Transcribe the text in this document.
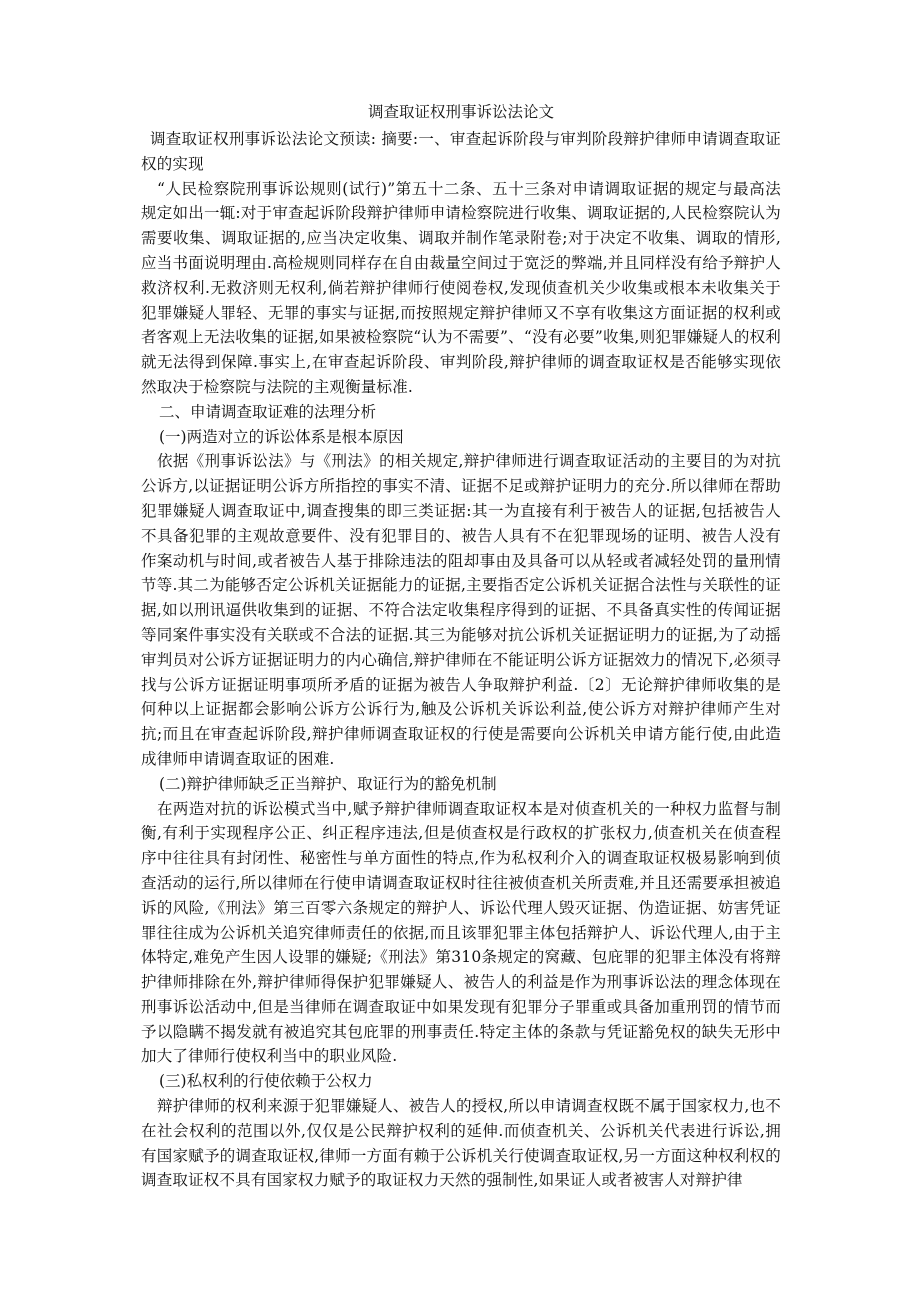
调查取证权刑事诉讼法论文

调查取证权刑事诉讼法论文预读: 摘要:一、审查起诉阶段与审判阶段辩护律师申请调查取证权的实现

“人民检察院刑事诉讼规则(试行)”第五十二条、五十三条对申请调取证据的规定与最高法规定如出一辄:对于审查起诉阶段辩护律师申请检察院进行收集、调取证据的,人民检察院认为需要收集、调取证据的,应当决定收集、调取并制作笔录附卷;对于决定不收集、调取的情形,应当书面说明理由.高检规则同样存在自由裁量空间过于宽泛的弊端,并且同样没有给予辩护人救济权利.无救济则无权利,倘若辩护律师行使阅卷权,发现侦查机关少收集或根本未收集关于犯罪嫌疑人罪轻、无罪的事实与证据,而按照规定辩护律师又不享有收集这方面证据的权利或者客观上无法收集的证据,如果被检察院“认为不需要”、“没有必要”收集,则犯罪嫌疑人的权利就无法得到保障.事实上,在审查起诉阶段、审判阶段,辩护律师的调查取证权是否能够实现依然取决于检察院与法院的主观衡量标准.

二、申请调查取证难的法理分析

(一)两造对立的诉讼体系是根本原因

依据《刑事诉讼法》与《刑法》的相关规定,辩护律师进行调查取证活动的主要目的为对抗公诉方,以证据证明公诉方所指控的事实不清、证据不足或辩护证明力的充分.所以律师在帮助犯罪嫌疑人调查取证中,调查搜集的即三类证据:其一为直接有利于被告人的证据,包括被告人不具备犯罪的主观故意要件、没有犯罪目的、被告人具有不在犯罪现场的证明、被告人没有作案动机与时间,或者被告人基于排除违法的阻却事由及具备可以从轻或者减轻处罚的量刑情节等.其二为能够否定公诉机关证据能力的证据,主要指否定公诉机关证据合法性与关联性的证据,如以刑讯逼供收集到的证据、不符合法定收集程序得到的证据、不具备真实性的传闻证据等同案件事实没有关联或不合法的证据.其三为能够对抗公诉机关证据证明力的证据,为了动摇审判员对公诉方证据证明力的内心确信,辩护律师在不能证明公诉方证据效力的情况下,必须寻找与公诉方证据证明事项所矛盾的证据为被告人争取辩护利益.〔2〕无论辩护律师收集的是何种以上证据都会影响公诉方公诉行为,触及公诉机关诉讼利益,使公诉方对辩护律师产生对抗;而且在审查起诉阶段,辩护律师调查取证权的行使是需要向公诉机关申请方能行使,由此造成律师申请调查取证的困难.

(二)辩护律师缺乏正当辩护、取证行为的豁免机制

在两造对抗的诉讼模式当中,赋予辩护律师调查取证权本是对侦查机关的一种权力监督与制衡,有利于实现程序公正、纠正程序违法,但是侦查权是行政权的扩张权力,侦查机关在侦查程序中往往具有封闭性、秘密性与单方面性的特点,作为私权利介入的调查取证权极易影响到侦查活动的运行,所以律师在行使申请调查取证权时往往被侦查机关所责难,并且还需要承担被追诉的风险,《刑法》第三百零六条规定的辩护人、诉讼代理人毁灭证据、伪造证据、妨害凭证罪往往成为公诉机关追究律师责任的依据,而且该罪犯罪主体包括辩护人、诉讼代理人,由于主体特定,难免产生因人设罪的嫌疑;《刑法》第310条规定的窝藏、包庇罪的犯罪主体没有将辩护律师排除在外,辩护律师得保护犯罪嫌疑人、被告人的利益是作为刑事诉讼法的理念体现在刑事诉讼活动中,但是当律师在调查取证中如果发现有犯罪分子罪重或具备加重刑罚的情节而予以隐瞒不揭发就有被追究其包庇罪的刑事责任.特定主体的条款与凭证豁免权的缺失无形中加大了律师行使权利当中的职业风险.

(三)私权利的行使依赖于公权力

辩护律师的权利来源于犯罪嫌疑人、被告人的授权,所以申请调查权既不属于国家权力,也不在社会权利的范围以外,仅仅是公民辩护权利的延伸.而侦查机关、公诉机关代表进行诉讼,拥有国家赋予的调查取证权,律师一方面有赖于公诉机关行使调查取证权,另一方面这种权利权的调查取证权不具有国家权力赋予的取证权力天然的强制性,如果证人或者被害人对辩护律
